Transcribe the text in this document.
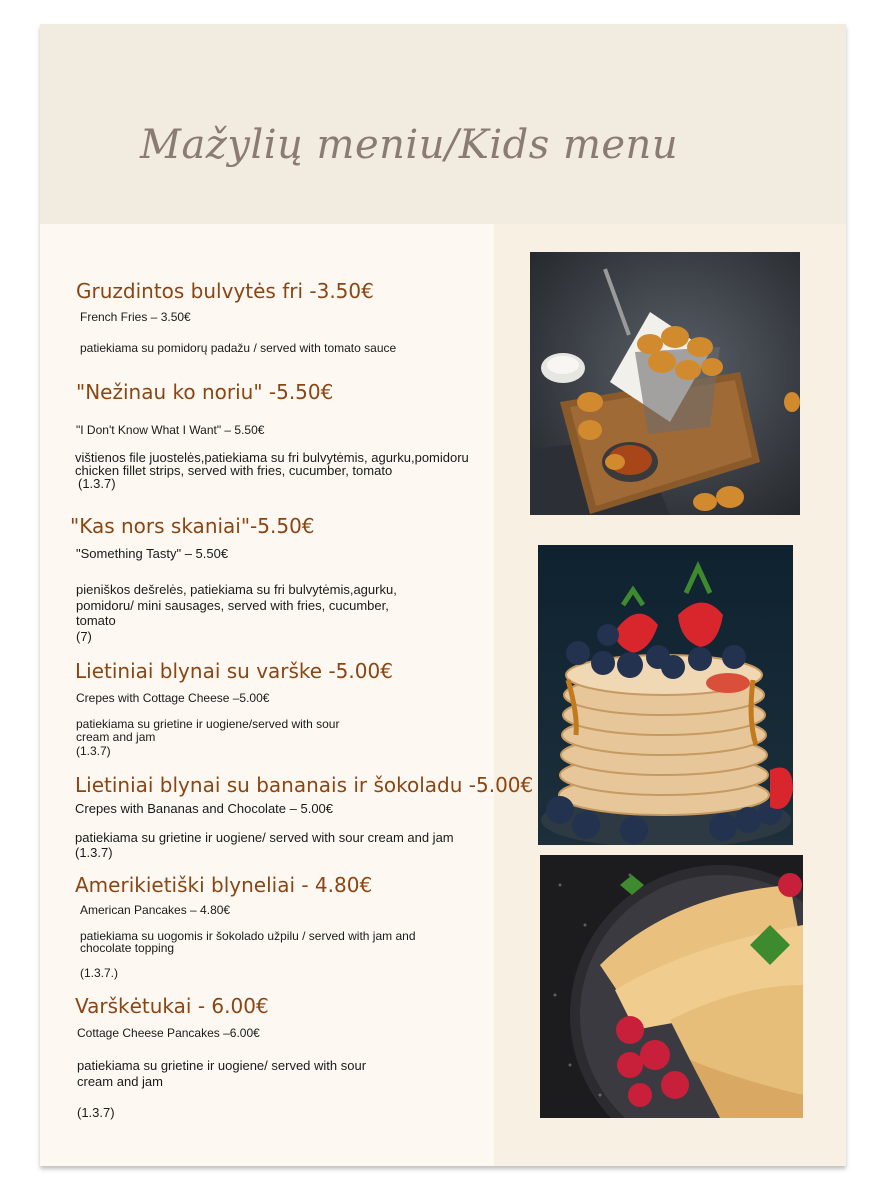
Mažylių meniu/Kids menu
Gruzdintos bulvytės fri -3.50€
French Fries – 3.50€
patiekiama su pomidorų padažu / served with tomato sauce
"Nežinau ko noriu" -5.50€
"I Don't Know What I Want" – 5.50€
vištienos file juostelės,patiekiama su fri bulvytėmis, agurku,pomidoru
chicken fillet strips, served with fries, cucumber, tomato
(1.3.7)
"Kas nors skaniai"-5.50€
"Something Tasty" – 5.50€
pieniškos dešrelės, patiekiama su fri bulvytėmis,agurku,
pomidoru/ mini sausages, served with fries, cucumber,
tomato
(7)
Lietiniai blynai su varške -5.00€
Crepes with Cottage Cheese –5.00€
patiekiama su grietine ir uogiene/served with sour
cream and jam
(1.3.7)
Lietiniai blynai su bananais ir šokoladu -5.00€
Crepes with Bananas and Chocolate – 5.00€
patiekiama su grietine ir uogiene/ served with sour cream and jam
(1.3.7)
Amerikietiški blyneliai - 4.80€
American Pancakes – 4.80€
patiekiama su uogomis ir šokolado užpilu / served with jam and
chocolate topping
(1.3.7.)
Varškėtukai - 6.00€
Cottage Cheese Pancakes –6.00€
patiekiama su grietine ir uogiene/ served with sour
cream and jam
(1.3.7)
